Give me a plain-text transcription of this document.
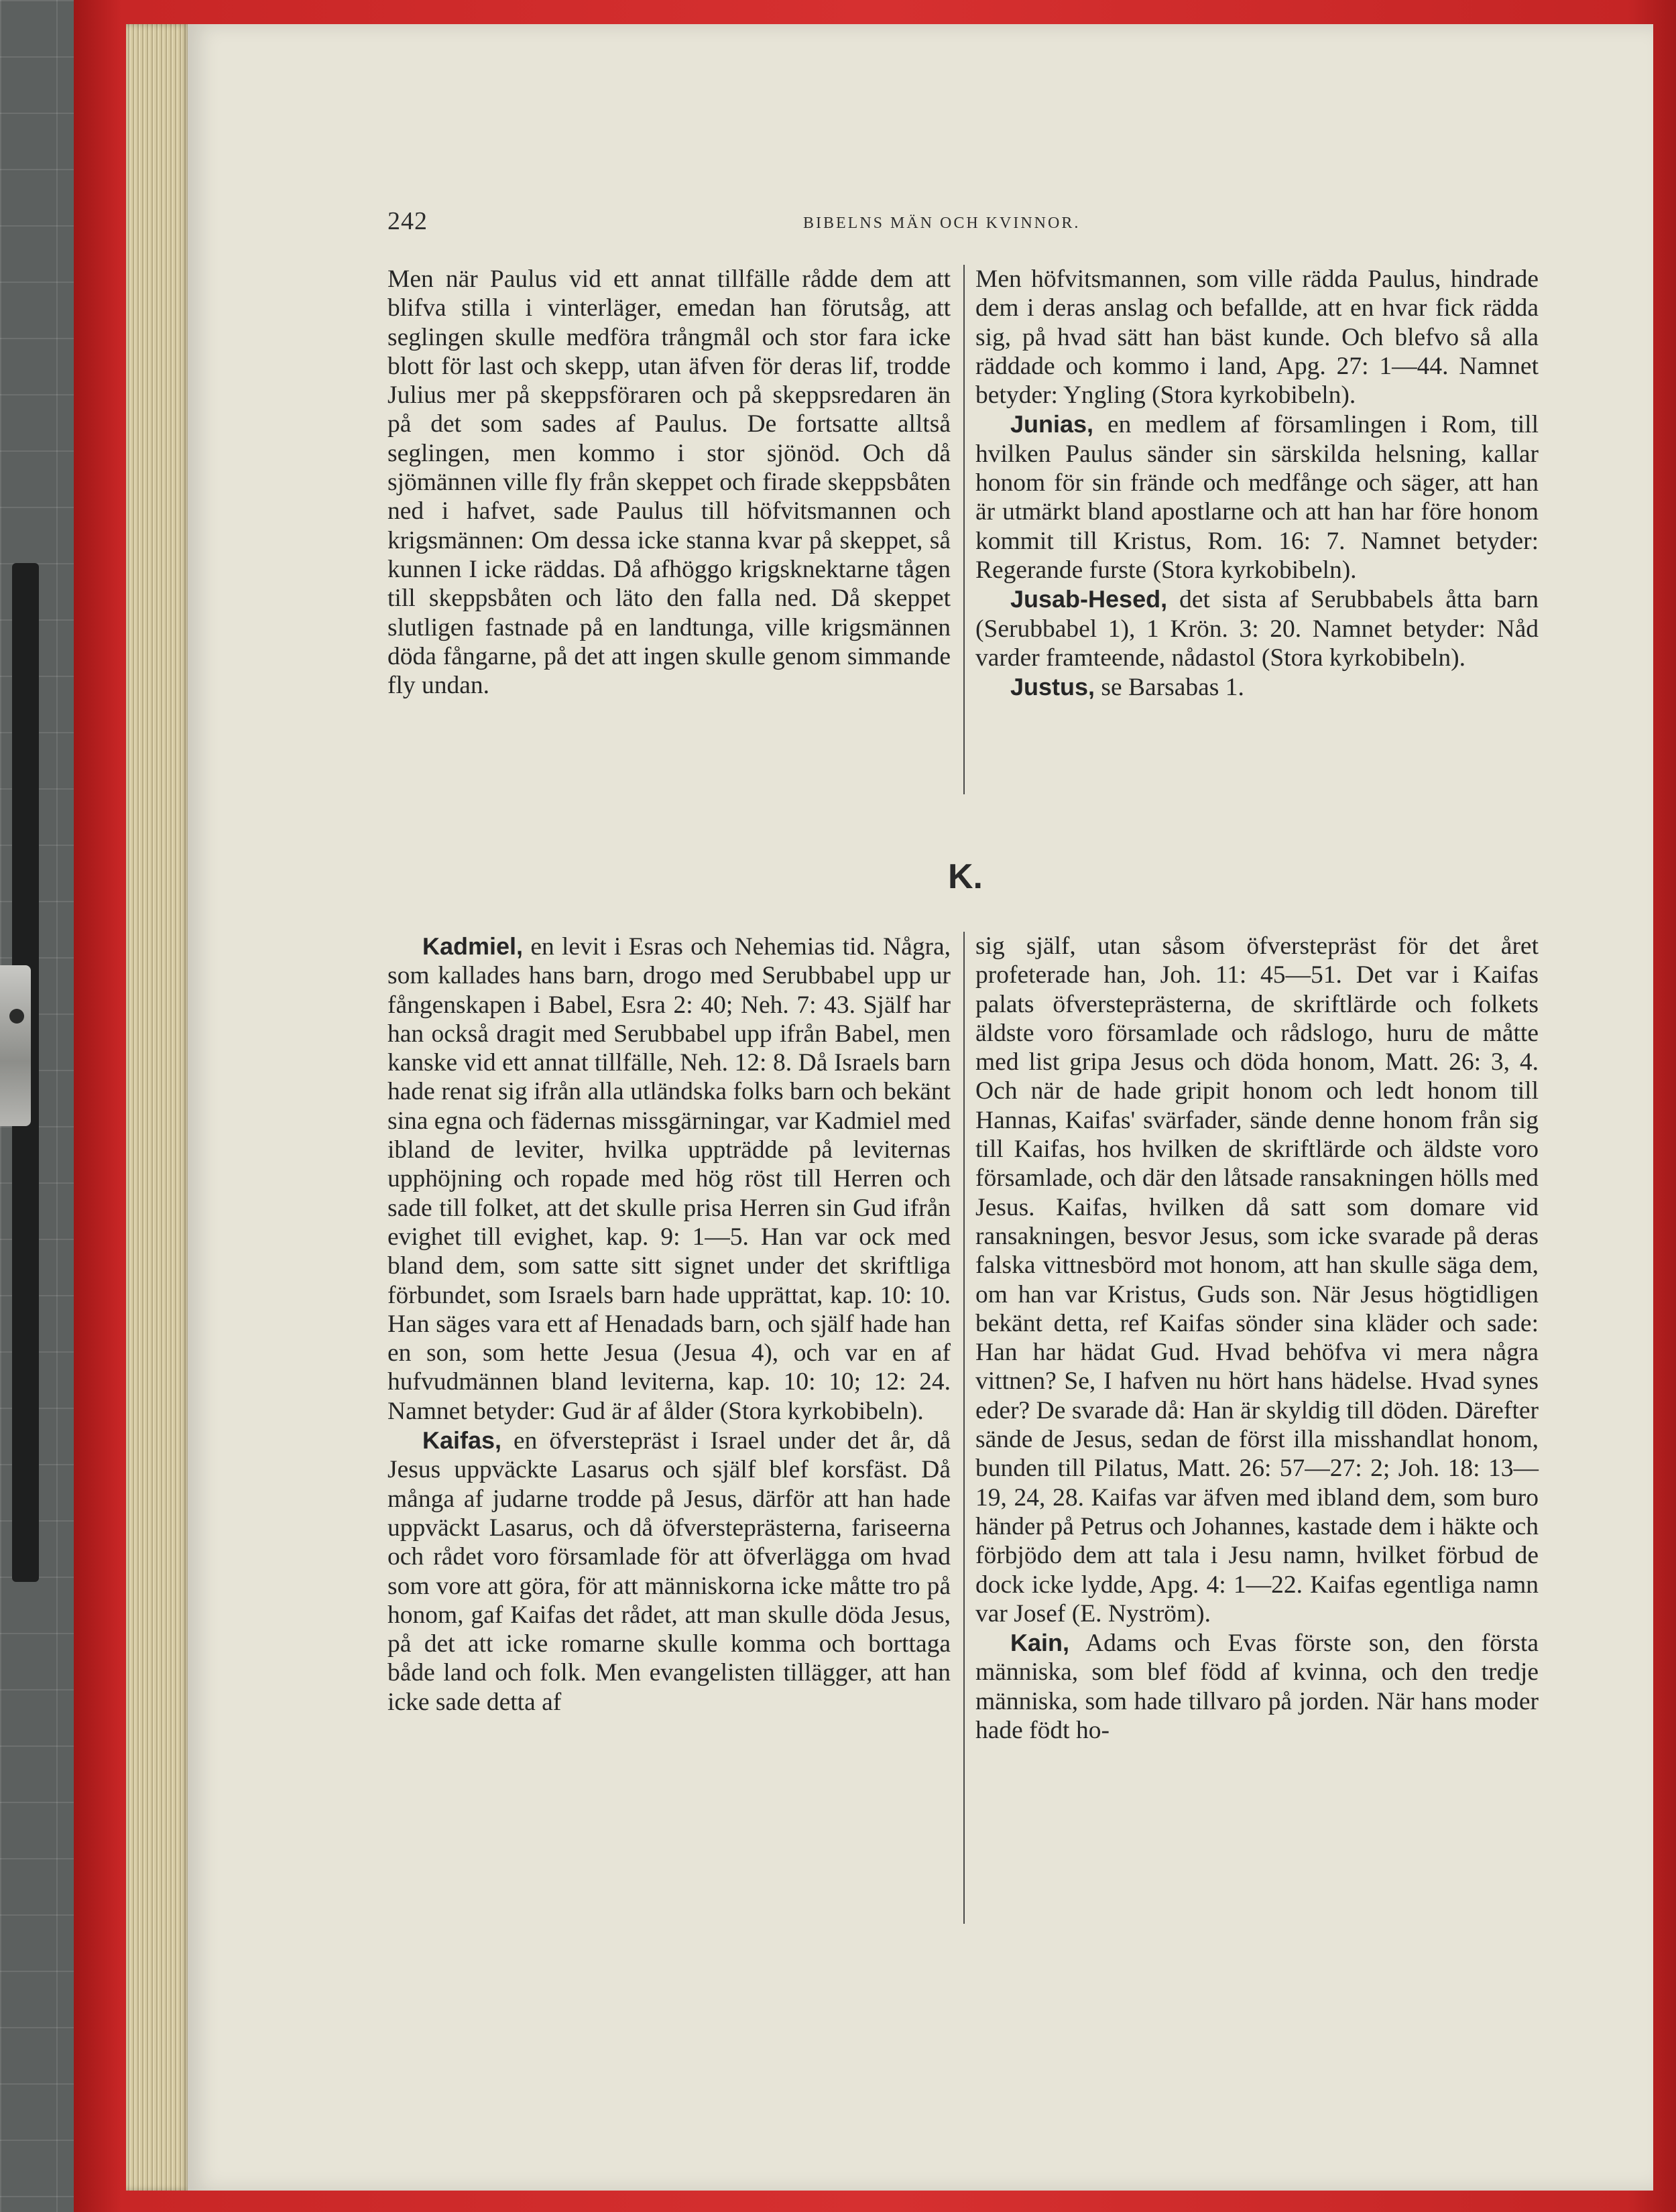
242	BIBELNS MÄN OCH KVINNOR.

Men när Paulus vid ett annat tillfälle rådde dem att blifva stilla i vinterläger, emedan han förutsåg, att seglingen skulle medföra trångmål och stor fara icke blott för last och skepp, utan äfven för deras lif, trodde Julius mer på skeppsföraren och på skeppsredaren än på det som sades af Paulus. De fortsatte alltså seglingen, men kommo i stor sjönöd. Och då sjömännen ville fly från skeppet och firade skeppsbåten ned i hafvet, sade Paulus till höfvitsmannen och krigsmännen: Om dessa icke stanna kvar på skeppet, så kunnen I icke räddas. Då afhöggo krigsknektarne tågen till skeppsbåten och läto den falla ned. Då skeppet slutligen fastnade på en landtunga, ville krigsmännen döda fångarne, på det att ingen skulle genom simmande fly undan.

Men höfvitsmannen, som ville rädda Paulus, hindrade dem i deras anslag och befallde, att en hvar fick rädda sig, på hvad sätt han bäst kunde. Och blefvo så alla räddade och kommo i land, Apg. 27: 1—44. Namnet betyder: Yngling (Stora kyrkobibeln).

Junias, en medlem af församlingen i Rom, till hvilken Paulus sänder sin särskilda helsning, kallar honom för sin frände och medfånge och säger, att han är utmärkt bland apostlarne och att han har före honom kommit till Kristus, Rom. 16: 7. Namnet betyder: Regerande furste (Stora kyrkobibeln).

Jusab-Hesed, det sista af Serubbabels åtta barn (Serubbabel 1), 1 Krön. 3: 20. Namnet betyder: Nåd varder framteende, nådastol (Stora kyrkobibeln).

Justus, se Barsabas 1.

K.

Kadmiel, en levit i Esras och Nehemias tid. Några, som kallades hans barn, drogo med Serubbabel upp ur fångenskapen i Babel, Esra 2: 40; Neh. 7: 43. Själf har han också dragit med Serubbabel upp ifrån Babel, men kanske vid ett annat tillfälle, Neh. 12: 8. Då Israels barn hade renat sig ifrån alla utländska folks barn och bekänt sina egna och fädernas missgärningar, var Kadmiel med ibland de leviter, hvilka uppträdde på leviternas upphöjning och ropade med hög röst till Herren och sade till folket, att det skulle prisa Herren sin Gud ifrån evighet till evighet, kap. 9: 1—5. Han var ock med bland dem, som satte sitt signet under det skriftliga förbundet, som Israels barn hade upprättat, kap. 10: 10. Han säges vara ett af Henadads barn, och själf hade han en son, som hette Jesua (Jesua 4), och var en af hufvudmännen bland leviterna, kap. 10: 10; 12: 24. Namnet betyder: Gud är af ålder (Stora kyrkobibeln).

Kaifas, en öfverstepräst i Israel under det år, då Jesus uppväckte Lasarus och själf blef korsfäst. Då många af judarne trodde på Jesus, därför att han hade uppväckt Lasarus, och då öfversteprästerna, fariseerna och rådet voro församlade för att öfverlägga om hvad som vore att göra, för att människorna icke måtte tro på honom, gaf Kaifas det rådet, att man skulle döda Jesus, på det att icke romarne skulle komma och borttaga både land och folk. Men evangelisten tillägger, att han icke sade detta af

sig själf, utan såsom öfverstepräst för det året profeterade han, Joh. 11: 45—51. Det var i Kaifas palats öfversteprästerna, de skriftlärde och folkets äldste voro församlade och rådslogo, huru de måtte med list gripa Jesus och döda honom, Matt. 26: 3, 4. Och när de hade gripit honom och ledt honom till Hannas, Kaifas' svärfader, sände denne honom från sig till Kaifas, hos hvilken de skriftlärde och äldste voro församlade, och där den låtsade ransakningen hölls med Jesus. Kaifas, hvilken då satt som domare vid ransakningen, besvor Jesus, som icke svarade på deras falska vittnesbörd mot honom, att han skulle säga dem, om han var Kristus, Guds son. När Jesus högtidligen bekänt detta, ref Kaifas sönder sina kläder och sade: Han har hädat Gud. Hvad behöfva vi mera några vittnen? Se, I hafven nu hört hans hädelse. Hvad synes eder? De svarade då: Han är skyldig till döden. Därefter sände de Jesus, sedan de först illa misshandlat honom, bunden till Pilatus, Matt. 26: 57—27: 2; Joh. 18: 13—19, 24, 28. Kaifas var äfven med ibland dem, som buro händer på Petrus och Johannes, kastade dem i häkte och förbjödo dem att tala i Jesu namn, hvilket förbud de dock icke lydde, Apg. 4: 1—22. Kaifas egentliga namn var Josef (E. Nyström).

Kain, Adams och Evas förste son, den första människa, som blef född af kvinna, och den tredje människa, som hade tillvaro på jorden. När hans moder hade födt ho-
